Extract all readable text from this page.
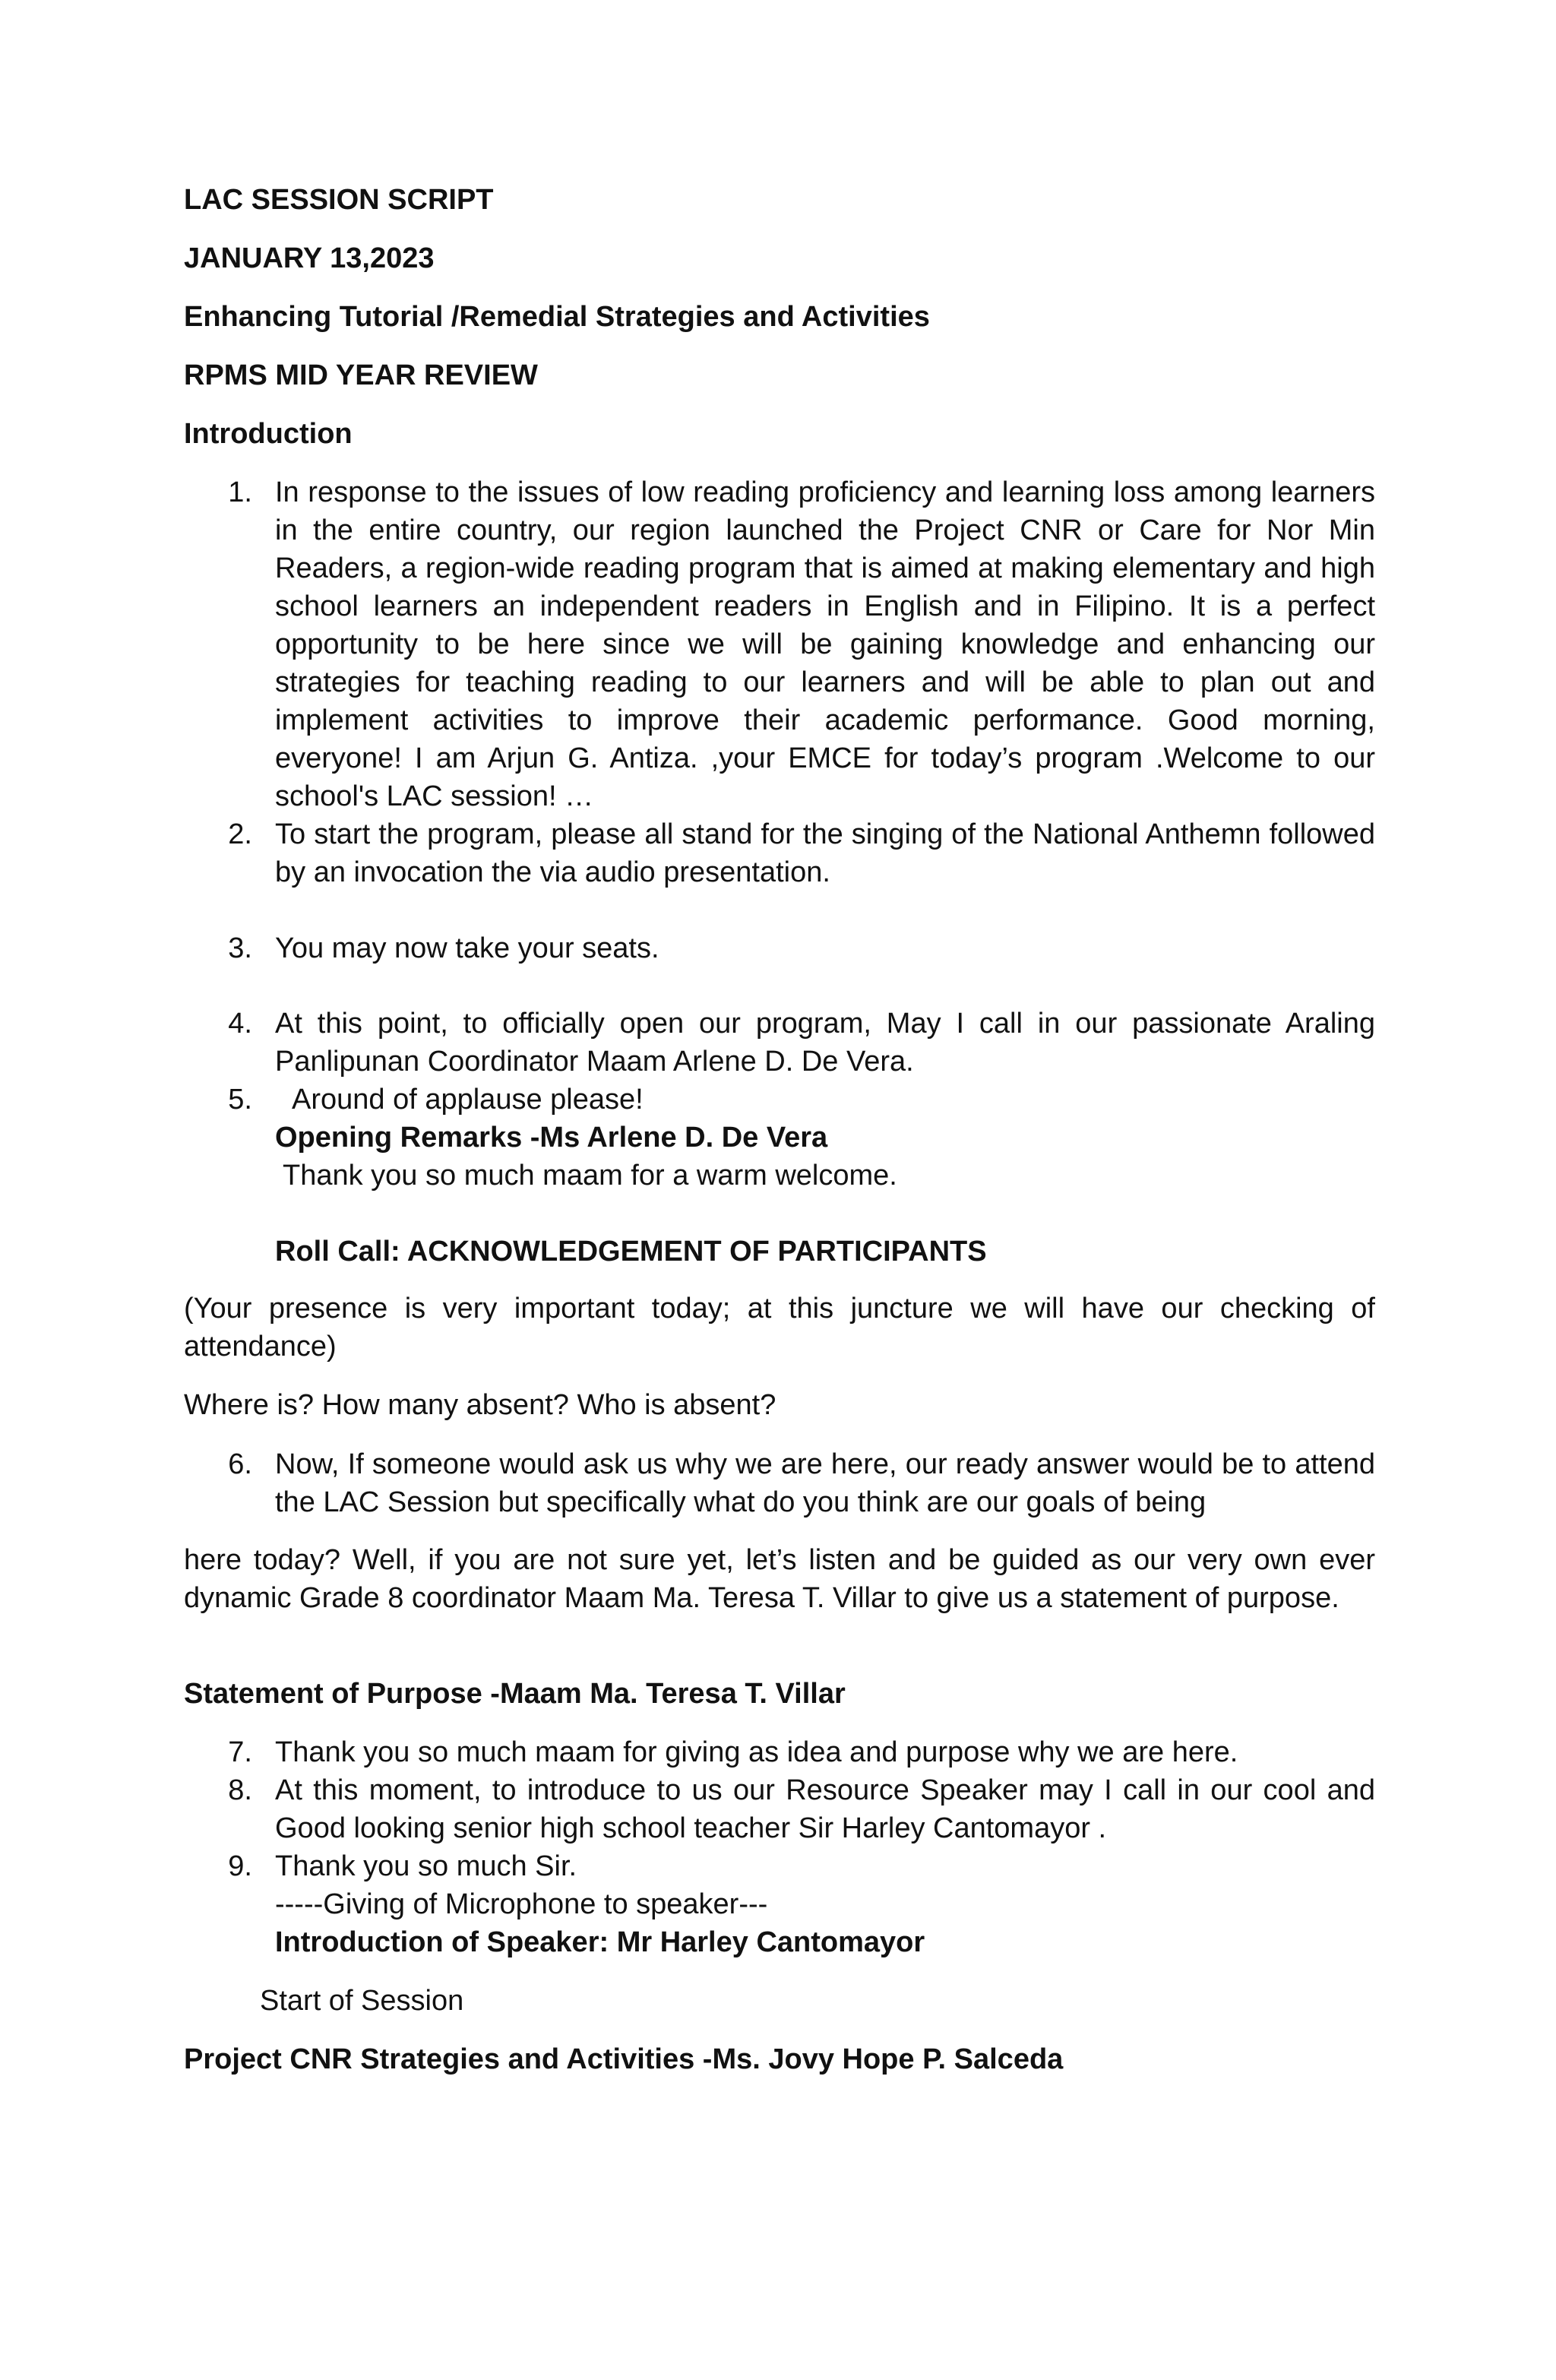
LAC SESSION SCRIPT

JANUARY 13,2023

Enhancing Tutorial /Remedial Strategies and Activities

RPMS MID YEAR REVIEW

Introduction

1. In response to the issues of low reading proficiency and learning loss among learners in the entire country, our region launched the Project CNR or Care for Nor Min Readers, a region-wide reading program that is aimed at making elementary and high school learners an independent readers in English and in Filipino. It is a perfect opportunity to be here since we will be gaining knowledge and enhancing our strategies for teaching reading to our learners and will be able to plan out and implement activities to improve their academic performance. Good morning, everyone! I am Arjun G. Antiza. ,your EMCE for today’s program .Welcome to our school's LAC session! …

2. To start the program, please all stand for the singing of the National Anthemn followed by an invocation the via audio presentation.

3. You may now take your seats.

4. At this point, to officially open our program, May I call in our passionate Araling Panlipunan Coordinator Maam Arlene D. De Vera.

5. Around of applause please!

Opening Remarks -Ms Arlene D. De Vera

Thank you so much maam for a warm welcome.

Roll Call: ACKNOWLEDGEMENT OF PARTICIPANTS

(Your presence is very important today; at this juncture we will have our checking of attendance)

Where is? How many absent? Who is absent?

6. Now, If someone would ask us why we are here, our ready answer would be to attend the LAC Session but specifically what do you think are our goals of being

here today? Well, if you are not sure yet, let’s listen and be guided as our very own ever dynamic Grade 8 coordinator Maam Ma. Teresa T. Villar to give us a statement of purpose.

Statement of Purpose -Maam Ma. Teresa T. Villar

7. Thank you so much maam for giving as idea and purpose why we are here.

8. At this moment, to introduce to us our Resource Speaker may I call in our cool and Good looking senior high school teacher Sir Harley Cantomayor .

9. Thank you so much Sir.

-----Giving of Microphone to speaker---

Introduction of Speaker: Mr Harley Cantomayor

Start of Session

Project CNR Strategies and Activities -Ms. Jovy Hope P. Salceda
